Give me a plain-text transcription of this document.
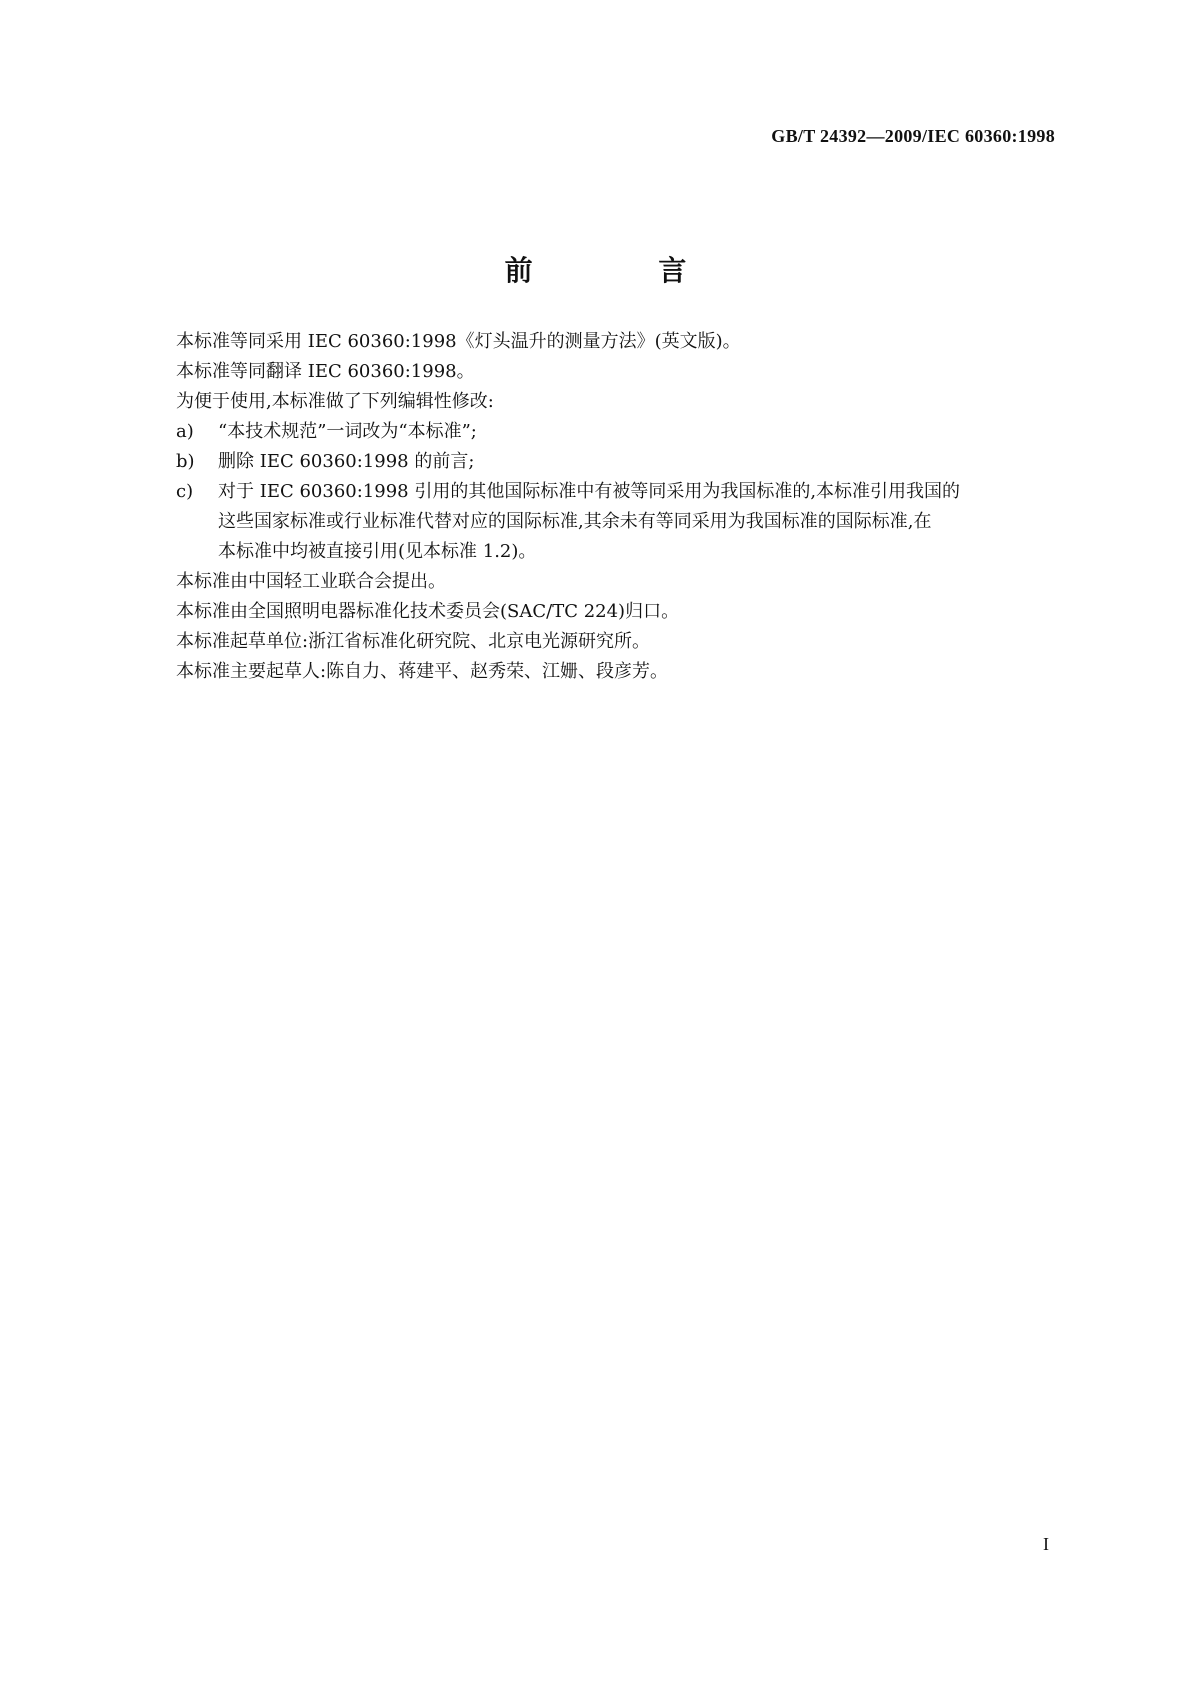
GB/T 24392—2009/IEC 60360:1998
前 言

本标准等同采用 IEC 60360:1998《灯头温升的测量方法》(英文版)。

本标准等同翻译 IEC 60360:1998。

为便于使用,本标准做了下列编辑性修改:

a) “本技术规范”一词改为“本标准”;
b) 删除 IEC 60360:1998 的前言;
c) 对于 IEC 60360:1998 引用的其他国际标准中有被等同采用为我国标准的,本标准引用我国的
这些国家标准或行业标准代替对应的国际标准,其余未有等同采用为我国标准的国际标准,在
本标准中均被直接引用(见本标准 1.2)。

本标准由中国轻工业联合会提出。

本标准由全国照明电器标准化技术委员会(SAC/TC 224)归口。

本标准起草单位:浙江省标准化研究院、北京电光源研究所。

本标准主要起草人:陈自力、蒋建平、赵秀荣、江姗、段彦芳。

I
